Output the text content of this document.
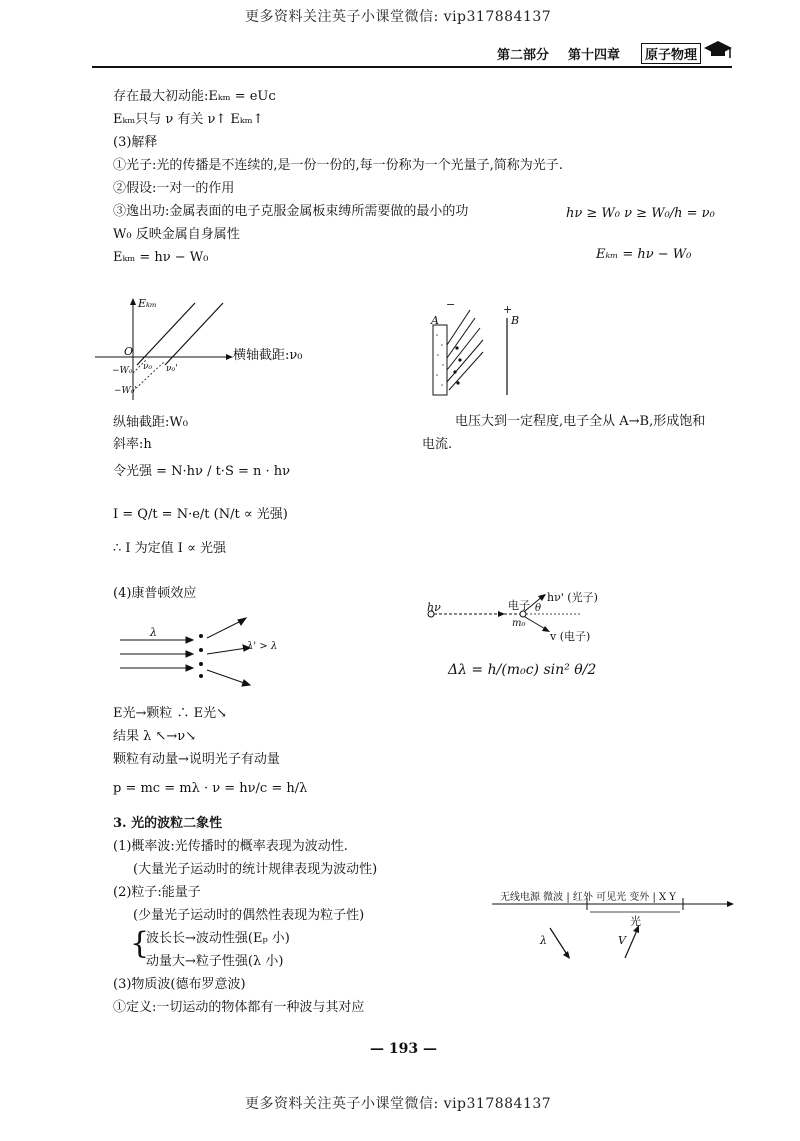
更多资料关注英子小课堂微信: vip317884137
第二部分 第十四章	原子物理
存在最大初动能:Eₖₘ = eUᴄ
Eₖₘ只与 ν 有关 ν↑ Eₖₘ↑
(3)解释
①光子:光的传播是不连续的,是一份一份的,每一份称为一个光量子,简称为光子.
②假设:一对一的作用
③逸出功:金属表面的电子克服金属板束缚所需要做的最小的功
W₀ 反映金属自身属性
Eₖₘ = hν − W₀
hν ≥ W₀ ν ≥ W₀/h = ν₀
Eₖₘ = hν − W₀
Eₖₘ
O	横轴截距:ν₀
ν₀ ν₀'
−W₀
−W₀'
A	B
−	+
电压大到一定程度,电子全从 A→B,形成饱和
电流.
纵轴截距:W₀
斜率:h
令光强 = N·hν / t·S = n · hν
I = Q/t = N·e/t (N/t ∝ 光强)
∴ I 为定值 I ∝ 光强
(4)康普顿效应
λ
λ' > λ
hν	电子 θ
m₀
hν' (光子)
v (电子)
Δλ = h/(m₀c) sin² θ/2
E光→颗粒 ∴ E光↘
结果 λ ↖→ν↘
颗粒有动量→说明光子有动量
p = mc = mλ · ν = hν/c = h/λ
3. 光的波粒二象性
(1)概率波:光传播时的概率表现为波动性.
(大量光子运动时的统计规律表现为波动性)
(2)粒子:能量子
(少量光子运动时的偶然性表现为粒子性)
{
波长长→波动性强(Eₚ 小)
动量大→粒子性强(λ 小)
(3)物质波(德布罗意波)
①定义:一切运动的物体都有一种波与其对应
无线电源 微波 | 红外 可见光 变外 | X Y
光
λ	V
— 193 —
更多资料关注英子小课堂微信: vip317884137
